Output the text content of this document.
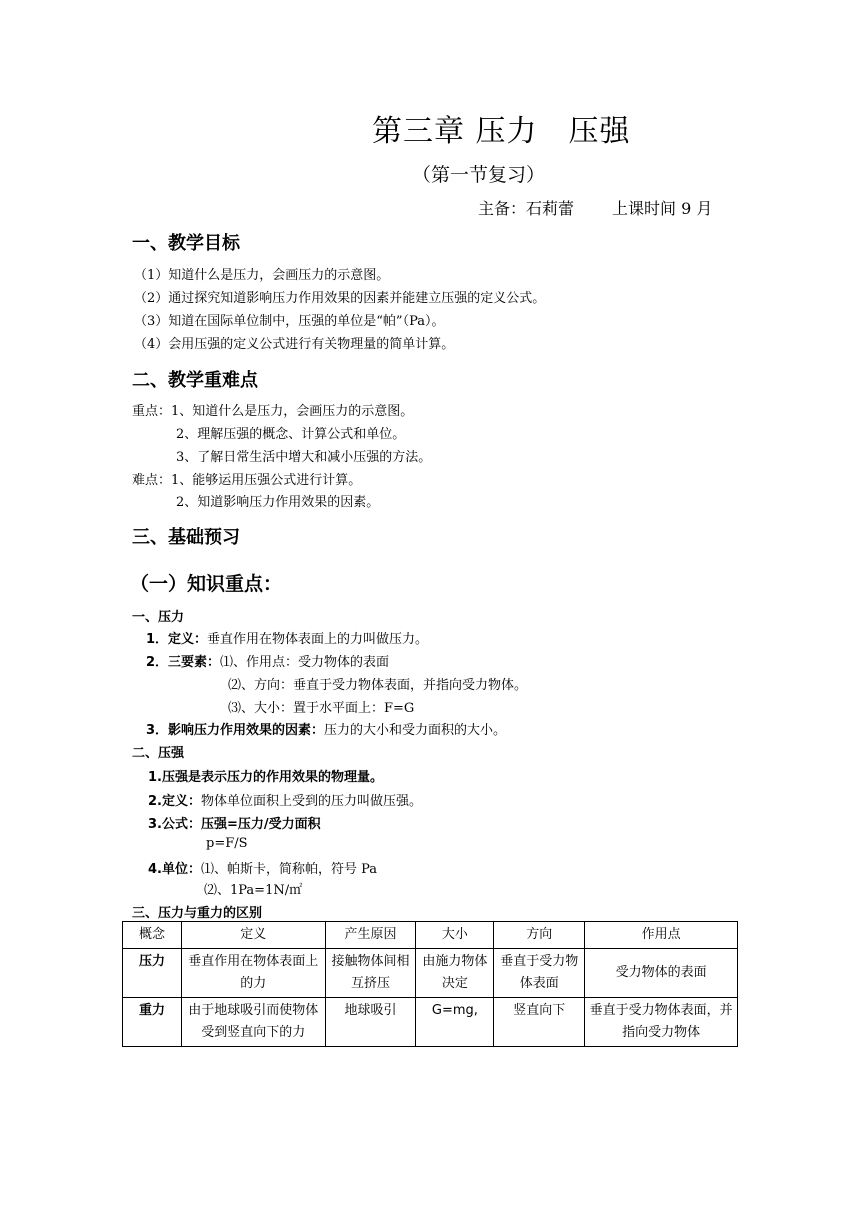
第三章 压力　压强
（第一节复习）
主备：石莉蕾 上课时间 9 月
一、教学目标
（1）知道什么是压力，会画压力的示意图。
（2）通过探究知道影响压力作用效果的因素并能建立压强的定义公式。
（3）知道在国际单位制中，压强的单位是“帕”（Pa）。
（4）会用压强的定义公式进行有关物理量的简单计算。
二、教学重难点
重点：1、知道什么是压力，会画压力的示意图。
2、理解压强的概念、计算公式和单位。
3、了解日常生活中增大和减小压强的方法。
难点：1、能够运用压强公式进行计算。
2、知道影响压力作用效果的因素。
三、基础预习
（一）知识重点：
一、压力
1．定义：垂直作用在物体表面上的力叫做压力。
2．三要素：⑴、作用点：受力物体的表面
⑵、方向：垂直于受力物体表面，并指向受力物体。
⑶、大小：置于水平面上：F=G
3．影响压力作用效果的因素：压力的大小和受力面积的大小。
二、压强
1.压强是表示压力的作用效果的物理量。
2.定义：物体单位面积上受到的压力叫做压强。
3.公式：压强=压力/受力面积
p=F/S
4.单位：⑴、帕斯卡，简称帕，符号 Pa
⑵、1Pa=1N/㎡
三、压力与重力的区别
概念	定义	产生原因	大小	方向	作用点
压力	垂直作用在物体表面上的力	接触物体间相互挤压	由施力物体决定	垂直于受力物体表面	受力物体的表面
重力	由于地球吸引而使物体受到竖直向下的力	地球吸引	G=mg,	竖直向下	垂直于受力物体表面，并指向受力物体
